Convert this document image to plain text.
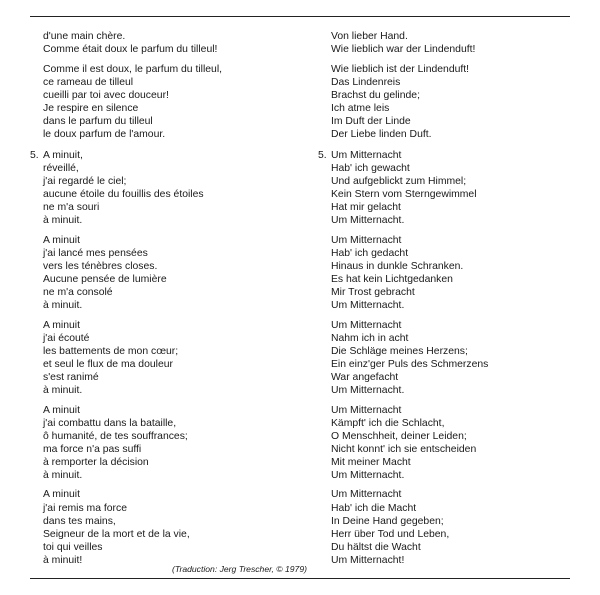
d'une main chère.
Comme était doux le parfum du tilleul!
Comme il est doux, le parfum du tilleul,
ce rameau de tilleul
cueilli par toi avec douceur!
Je respire en silence
dans le parfum du tilleul
le doux parfum de l'amour.
5. A minuit,
réveillé,
j'ai regardé le ciel;
aucune étoile du fouillis des étoiles
ne m'a souri
à minuit.
A minuit
j'ai lancé mes pensées
vers les ténèbres closes.
Aucune pensée de lumière
ne m'a consolé
à minuit.
A minuit
j'ai écouté
les battements de mon cœur;
et seul le flux de ma douleur
s'est ranimé
à minuit.
A minuit
j'ai combattu dans la bataille,
ô humanité, de tes souffrances;
ma force n'a pas suffi
à remporter la décision
à minuit.
A minuit
j'ai remis ma force
dans tes mains,
Seigneur de la mort et de la vie,
toi qui veilles
à minuit!
Von lieber Hand.
Wie lieblich war der Lindenduft!
Wie lieblich ist der Lindenduft!
Das Lindenreis
Brachst du gelinde;
Ich atme leis
Im Duft der Linde
Der Liebe linden Duft.
5. Um Mitternacht
Hab' ich gewacht
Und aufgeblickt zum Himmel;
Kein Stern vom Sterngewimmel
Hat mir gelacht
Um Mitternacht.
Um Mitternacht
Hab' ich gedacht
Hinaus in dunkle Schranken.
Es hat kein Lichtgedanken
Mir Trost gebracht
Um Mitternacht.
Um Mitternacht
Nahm ich in acht
Die Schläge meines Herzens;
Ein einz'ger Puls des Schmerzens
War angefacht
Um Mitternacht.
Um Mitternacht
Kämpft' ich die Schlacht,
O Menschheit, deiner Leiden;
Nicht konnt' ich sie entscheiden
Mit meiner Macht
Um Mitternacht.
Um Mitternacht
Hab' ich die Macht
In Deine Hand gegeben;
Herr über Tod und Leben,
Du hältst die Wacht
Um Mitternacht!
(Traduction: Jerg Trescher, © 1979)
